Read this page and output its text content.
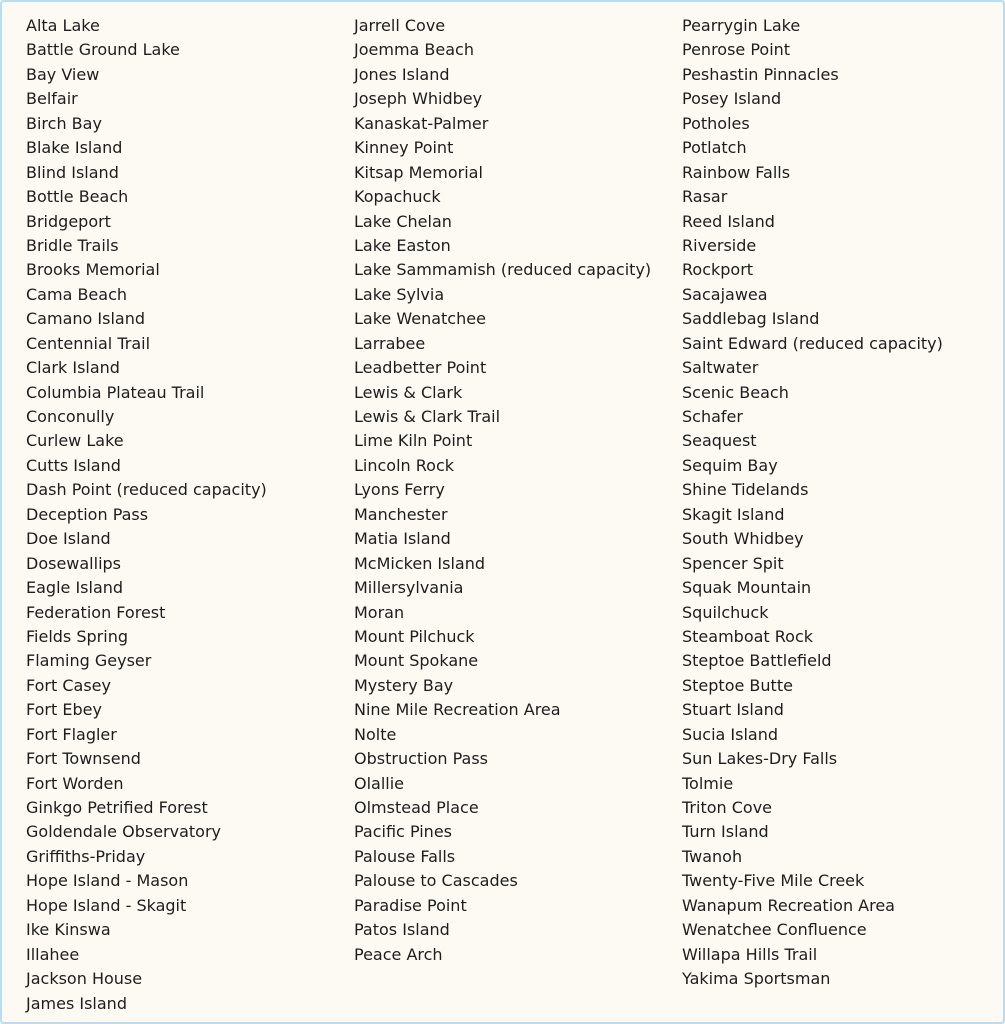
Alta Lake
Battle Ground Lake
Bay View
Belfair
Birch Bay
Blake Island
Blind Island
Bottle Beach
Bridgeport
Bridle Trails
Brooks Memorial
Cama Beach
Camano Island
Centennial Trail
Clark Island
Columbia Plateau Trail
Conconully
Curlew Lake
Cutts Island
Dash Point (reduced capacity)
Deception Pass
Doe Island
Dosewallips
Eagle Island
Federation Forest
Fields Spring
Flaming Geyser
Fort Casey
Fort Ebey
Fort Flagler
Fort Townsend
Fort Worden
Ginkgo Petrified Forest
Goldendale Observatory
Griffiths-Priday
Hope Island - Mason
Hope Island - Skagit
Ike Kinswa
Illahee
Jackson House
James Island
Jarrell Cove
Joemma Beach
Jones Island
Joseph Whidbey
Kanaskat-Palmer
Kinney Point
Kitsap Memorial
Kopachuck
Lake Chelan
Lake Easton
Lake Sammamish (reduced capacity)
Lake Sylvia
Lake Wenatchee
Larrabee
Leadbetter Point
Lewis & Clark
Lewis & Clark Trail
Lime Kiln Point
Lincoln Rock
Lyons Ferry
Manchester
Matia Island
McMicken Island
Millersylvania
Moran
Mount Pilchuck
Mount Spokane
Mystery Bay
Nine Mile Recreation Area
Nolte
Obstruction Pass
Olallie
Olmstead Place
Pacific Pines
Palouse Falls
Palouse to Cascades
Paradise Point
Patos Island
Peace Arch
Pearrygin Lake
Penrose Point
Peshastin Pinnacles
Posey Island
Potholes
Potlatch
Rainbow Falls
Rasar
Reed Island
Riverside
Rockport
Sacajawea
Saddlebag Island
Saint Edward (reduced capacity)
Saltwater
Scenic Beach
Schafer
Seaquest
Sequim Bay
Shine Tidelands
Skagit Island
South Whidbey
Spencer Spit
Squak Mountain
Squilchuck
Steamboat Rock
Steptoe Battlefield
Steptoe Butte
Stuart Island
Sucia Island
Sun Lakes-Dry Falls
Tolmie
Triton Cove
Turn Island
Twanoh
Twenty-Five Mile Creek
Wanapum Recreation Area
Wenatchee Confluence
Willapa Hills Trail
Yakima Sportsman
